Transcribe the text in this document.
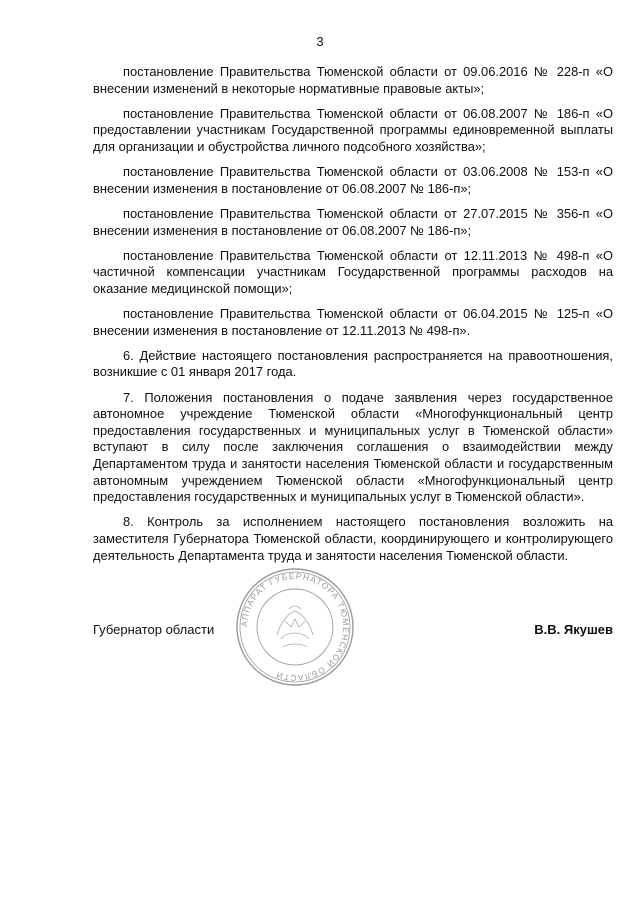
3

постановление Правительства Тюменской области от 09.06.2016 № 228-п «О внесении изменений в некоторые нормативные правовые акты»;

постановление Правительства Тюменской области от 06.08.2007 № 186-п «О предоставлении участникам Государственной программы единовременной выплаты для организации и обустройства личного подсобного хозяйства»;

постановление Правительства Тюменской области от 03.06.2008 № 153-п «О внесении изменения в постановление от 06.08.2007 № 186-п»;

постановление Правительства Тюменской области от 27.07.2015 № 356-п «О внесении изменения в постановление от 06.08.2007 № 186-п»;

постановление Правительства Тюменской области от 12.11.2013 № 498-п «О частичной компенсации участникам Государственной программы расходов на оказание медицинской помощи»;

постановление Правительства Тюменской области от 06.04.2015 № 125-п «О внесении изменения в постановление от 12.11.2013 № 498-п».

6. Действие настоящего постановления распространяется на правоотношения, возникшие с 01 января 2017 года.

7. Положения постановления о подаче заявления через государственное автономное учреждение Тюменской области «Многофункциональный центр предоставления государственных и муниципальных услуг в Тюменской области» вступают в силу после заключения соглашения о взаимодействии между Департаментом труда и занятости населения Тюменской области и государственным автономным учреждением Тюменской области «Многофункциональный центр предоставления государственных и муниципальных услуг в Тюменской области».

8. Контроль за исполнением настоящего постановления возложить на заместителя Губернатора Тюменской области, координирующего и контролирующего деятельность Департамента труда и занятости населения Тюменской области.

АППАРАТ ГУБЕРНАТОРА ТЮМЕНСКОЙ ОБЛАСТИ
Губернатор области	В.В. Якушев
